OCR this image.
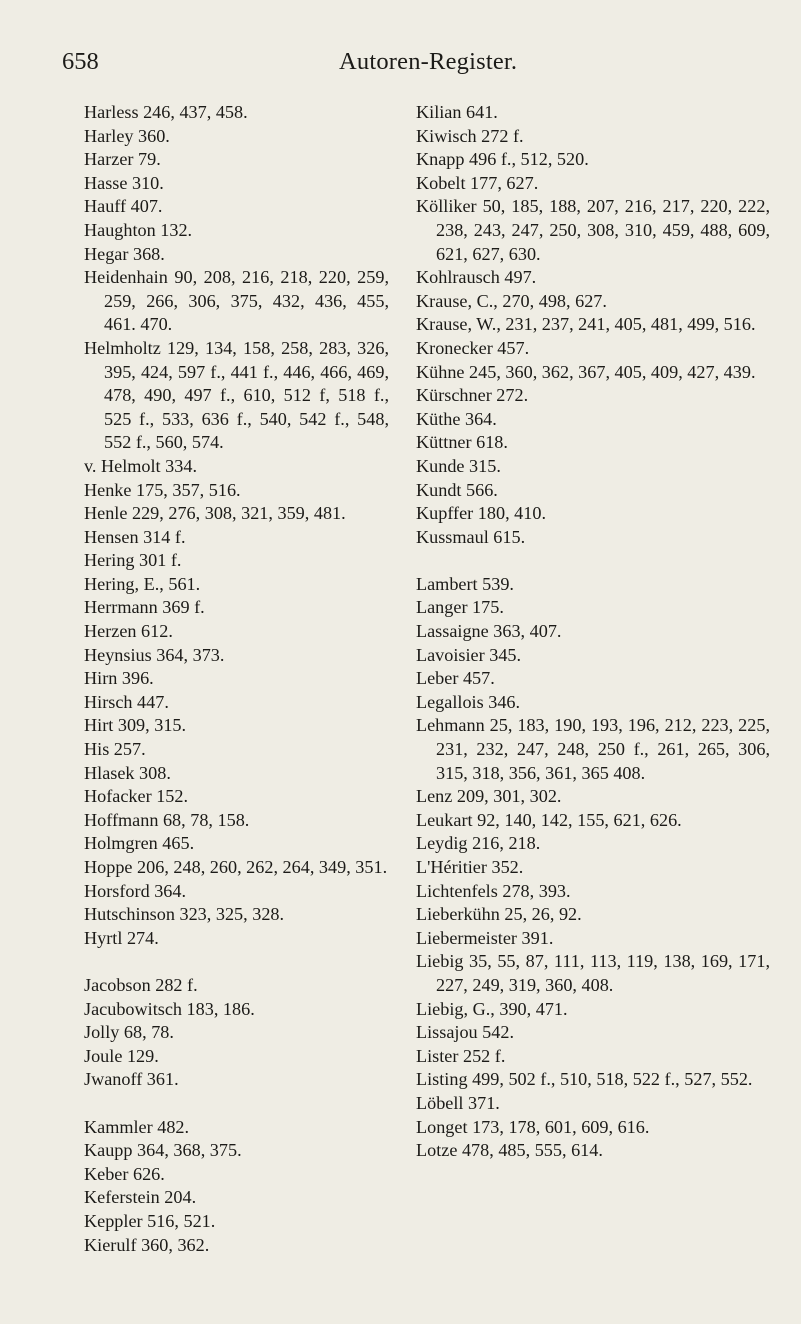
658	Autoren-Register.
Harless 246, 437, 458.
Harley 360.
Harzer 79.
Hasse 310.
Hauff 407.
Haughton 132.
Hegar 368.
Heidenhain 90, 208, 216, 218, 220, 259, 259, 266, 306, 375, 432, 436, 455, 461. 470.
Helmholtz 129, 134, 158, 258, 283, 326, 395, 424, 597 f., 441 f., 446, 466, 469, 478, 490, 497 f., 610, 512 f, 518 f., 525 f., 533, 636 f., 540, 542 f., 548, 552 f., 560, 574.
v. Helmolt 334.
Henke 175, 357, 516.
Henle 229, 276, 308, 321, 359, 481.
Hensen 314 f.
Hering 301 f.
Hering, E., 561.
Herrmann 369 f.
Herzen 612.
Heynsius 364, 373.
Hirn 396.
Hirsch 447.
Hirt 309, 315.
His 257.
Hlasek 308.
Hofacker 152.
Hoffmann 68, 78, 158.
Holmgren 465.
Hoppe 206, 248, 260, 262, 264, 349, 351.
Horsford 364.
Hutschinson 323, 325, 328.
Hyrtl 274.
Jacobson 282 f.
Jacubowitsch 183, 186.
Jolly 68, 78.
Joule 129.
Jwanoff 361.
Kammler 482.
Kaupp 364, 368, 375.
Keber 626.
Keferstein 204.
Keppler 516, 521.
Kierulf 360, 362.
Kilian 641.
Kiwisch 272 f.
Knapp 496 f., 512, 520.
Kobelt 177, 627.
Kölliker 50, 185, 188, 207, 216, 217, 220, 222, 238, 243, 247, 250, 308, 310, 459, 488, 609, 621, 627, 630.
Kohlrausch 497.
Krause, C., 270, 498, 627.
Krause, W., 231, 237, 241, 405, 481, 499, 516.
Kronecker 457.
Kühne 245, 360, 362, 367, 405, 409, 427, 439.
Kürschner 272.
Küthe 364.
Küttner 618.
Kunde 315.
Kundt 566.
Kupffer 180, 410.
Kussmaul 615.
Lambert 539.
Langer 175.
Lassaigne 363, 407.
Lavoisier 345.
Leber 457.
Legallois 346.
Lehmann 25, 183, 190, 193, 196, 212, 223, 225, 231, 232, 247, 248, 250 f., 261, 265, 306, 315, 318, 356, 361, 365 408.
Lenz 209, 301, 302.
Leukart 92, 140, 142, 155, 621, 626.
Leydig 216, 218.
L'Héritier 352.
Lichtenfels 278, 393.
Lieberkühn 25, 26, 92.
Liebermeister 391.
Liebig 35, 55, 87, 111, 113, 119, 138, 169, 171, 227, 249, 319, 360, 408.
Liebig, G., 390, 471.
Lissajou 542.
Lister 252 f.
Listing 499, 502 f., 510, 518, 522 f., 527, 552.
Löbell 371.
Longet 173, 178, 601, 609, 616.
Lotze 478, 485, 555, 614.
